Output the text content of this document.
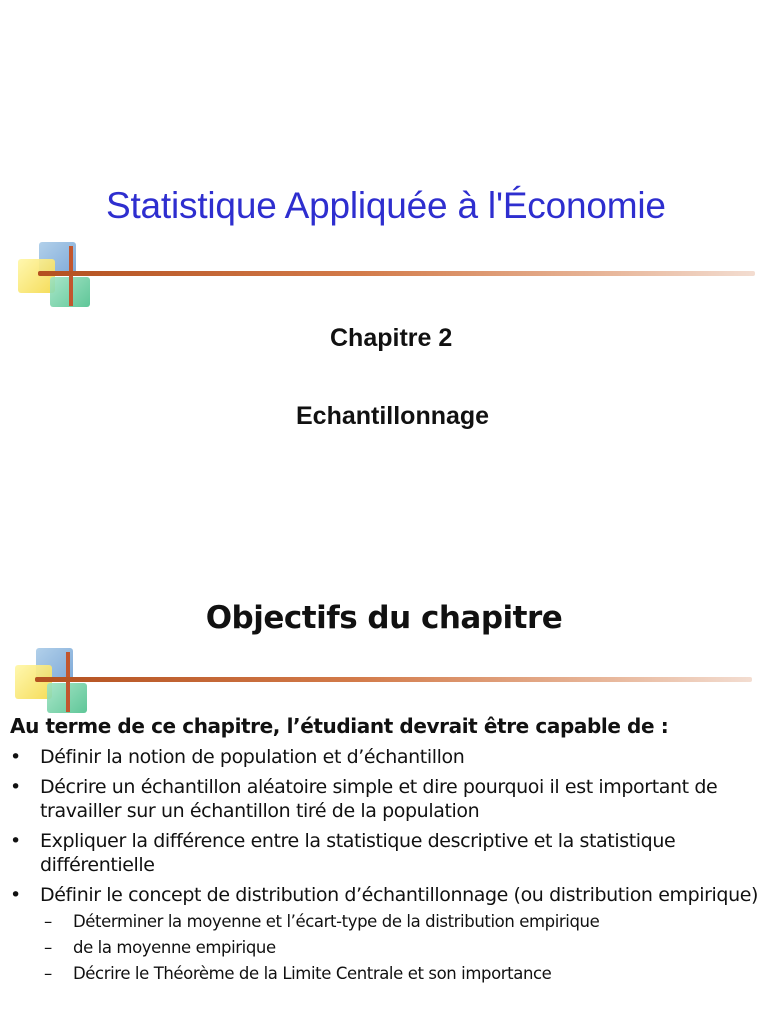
Statistique Appliquée à l'Économie
Chapitre 2
Echantillonnage
Objectifs du chapitre
Au terme de ce chapitre, l’étudiant devrait être capable de :
• Définir la notion de population et d’échantillon
• Décrire un échantillon aléatoire simple et dire pourquoi il est important de travailler sur un échantillon tiré de la population
• Expliquer la différence entre la statistique descriptive et la statistique différentielle
• Définir le concept de distribution d’échantillonnage (ou distribution empirique)
– Déterminer la moyenne et l’écart-type de la distribution empirique
– de la moyenne empirique
– Décrire le Théorème de la Limite Centrale et son importance
